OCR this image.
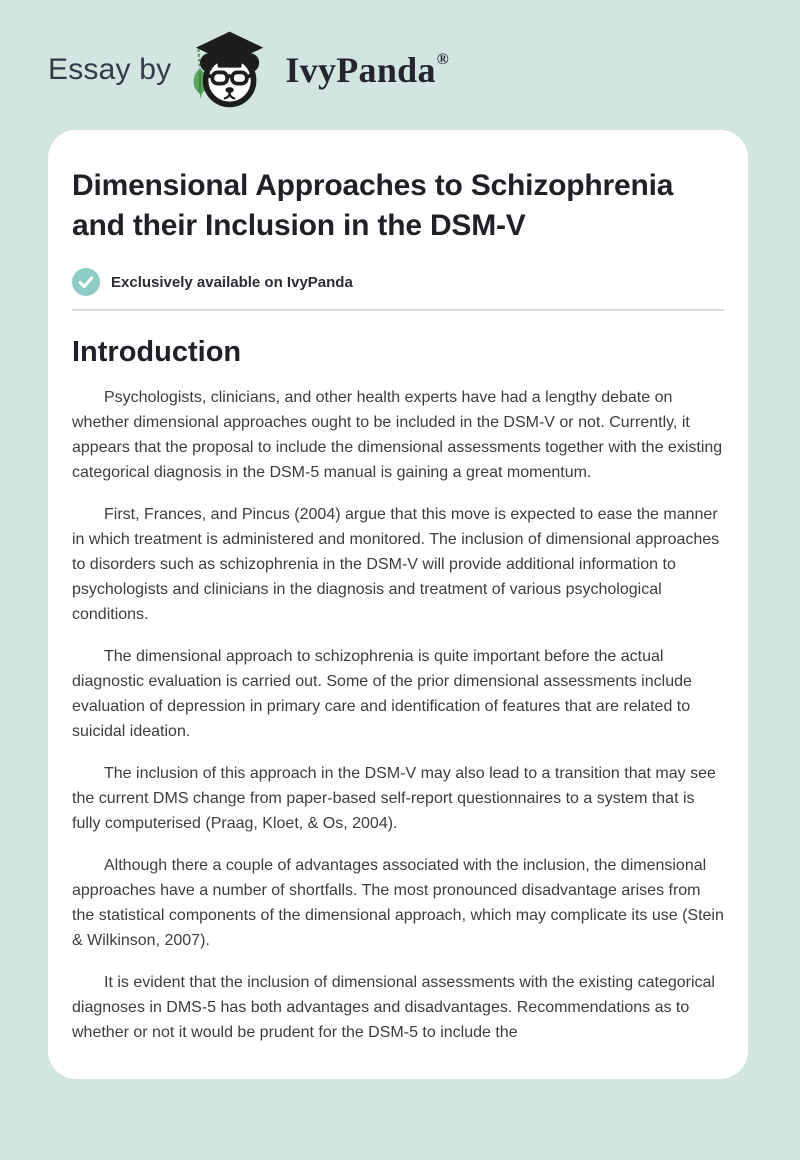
Essay by	IvyPanda®
Dimensional Approaches to Schizophrenia and their Inclusion in the DSM-V
Exclusively available on IvyPanda
Introduction

Psychologists, clinicians, and other health experts have had a lengthy debate on whether dimensional approaches ought to be included in the DSM-V or not. Currently, it appears that the proposal to include the dimensional assessments together with the existing categorical diagnosis in the DSM-5 manual is gaining a great momentum.

First, Frances, and Pincus (2004) argue that this move is expected to ease the manner in which treatment is administered and monitored. The inclusion of dimensional approaches to disorders such as schizophrenia in the DSM-V will provide additional information to psychologists and clinicians in the diagnosis and treatment of various psychological conditions.

The dimensional approach to schizophrenia is quite important before the actual diagnostic evaluation is carried out. Some of the prior dimensional assessments include evaluation of depression in primary care and identification of features that are related to suicidal ideation.

The inclusion of this approach in the DSM-V may also lead to a transition that may see the current DMS change from paper-based self-report questionnaires to a system that is fully computerised (Praag, Kloet, & Os, 2004).

Although there a couple of advantages associated with the inclusion, the dimensional approaches have a number of shortfalls. The most pronounced disadvantage arises from the statistical components of the dimensional approach, which may complicate its use (Stein & Wilkinson, 2007).

It is evident that the inclusion of dimensional assessments with the existing categorical diagnoses in DMS-5 has both advantages and disadvantages. Recommendations as to whether or not it would be prudent for the DSM-5 to include the
